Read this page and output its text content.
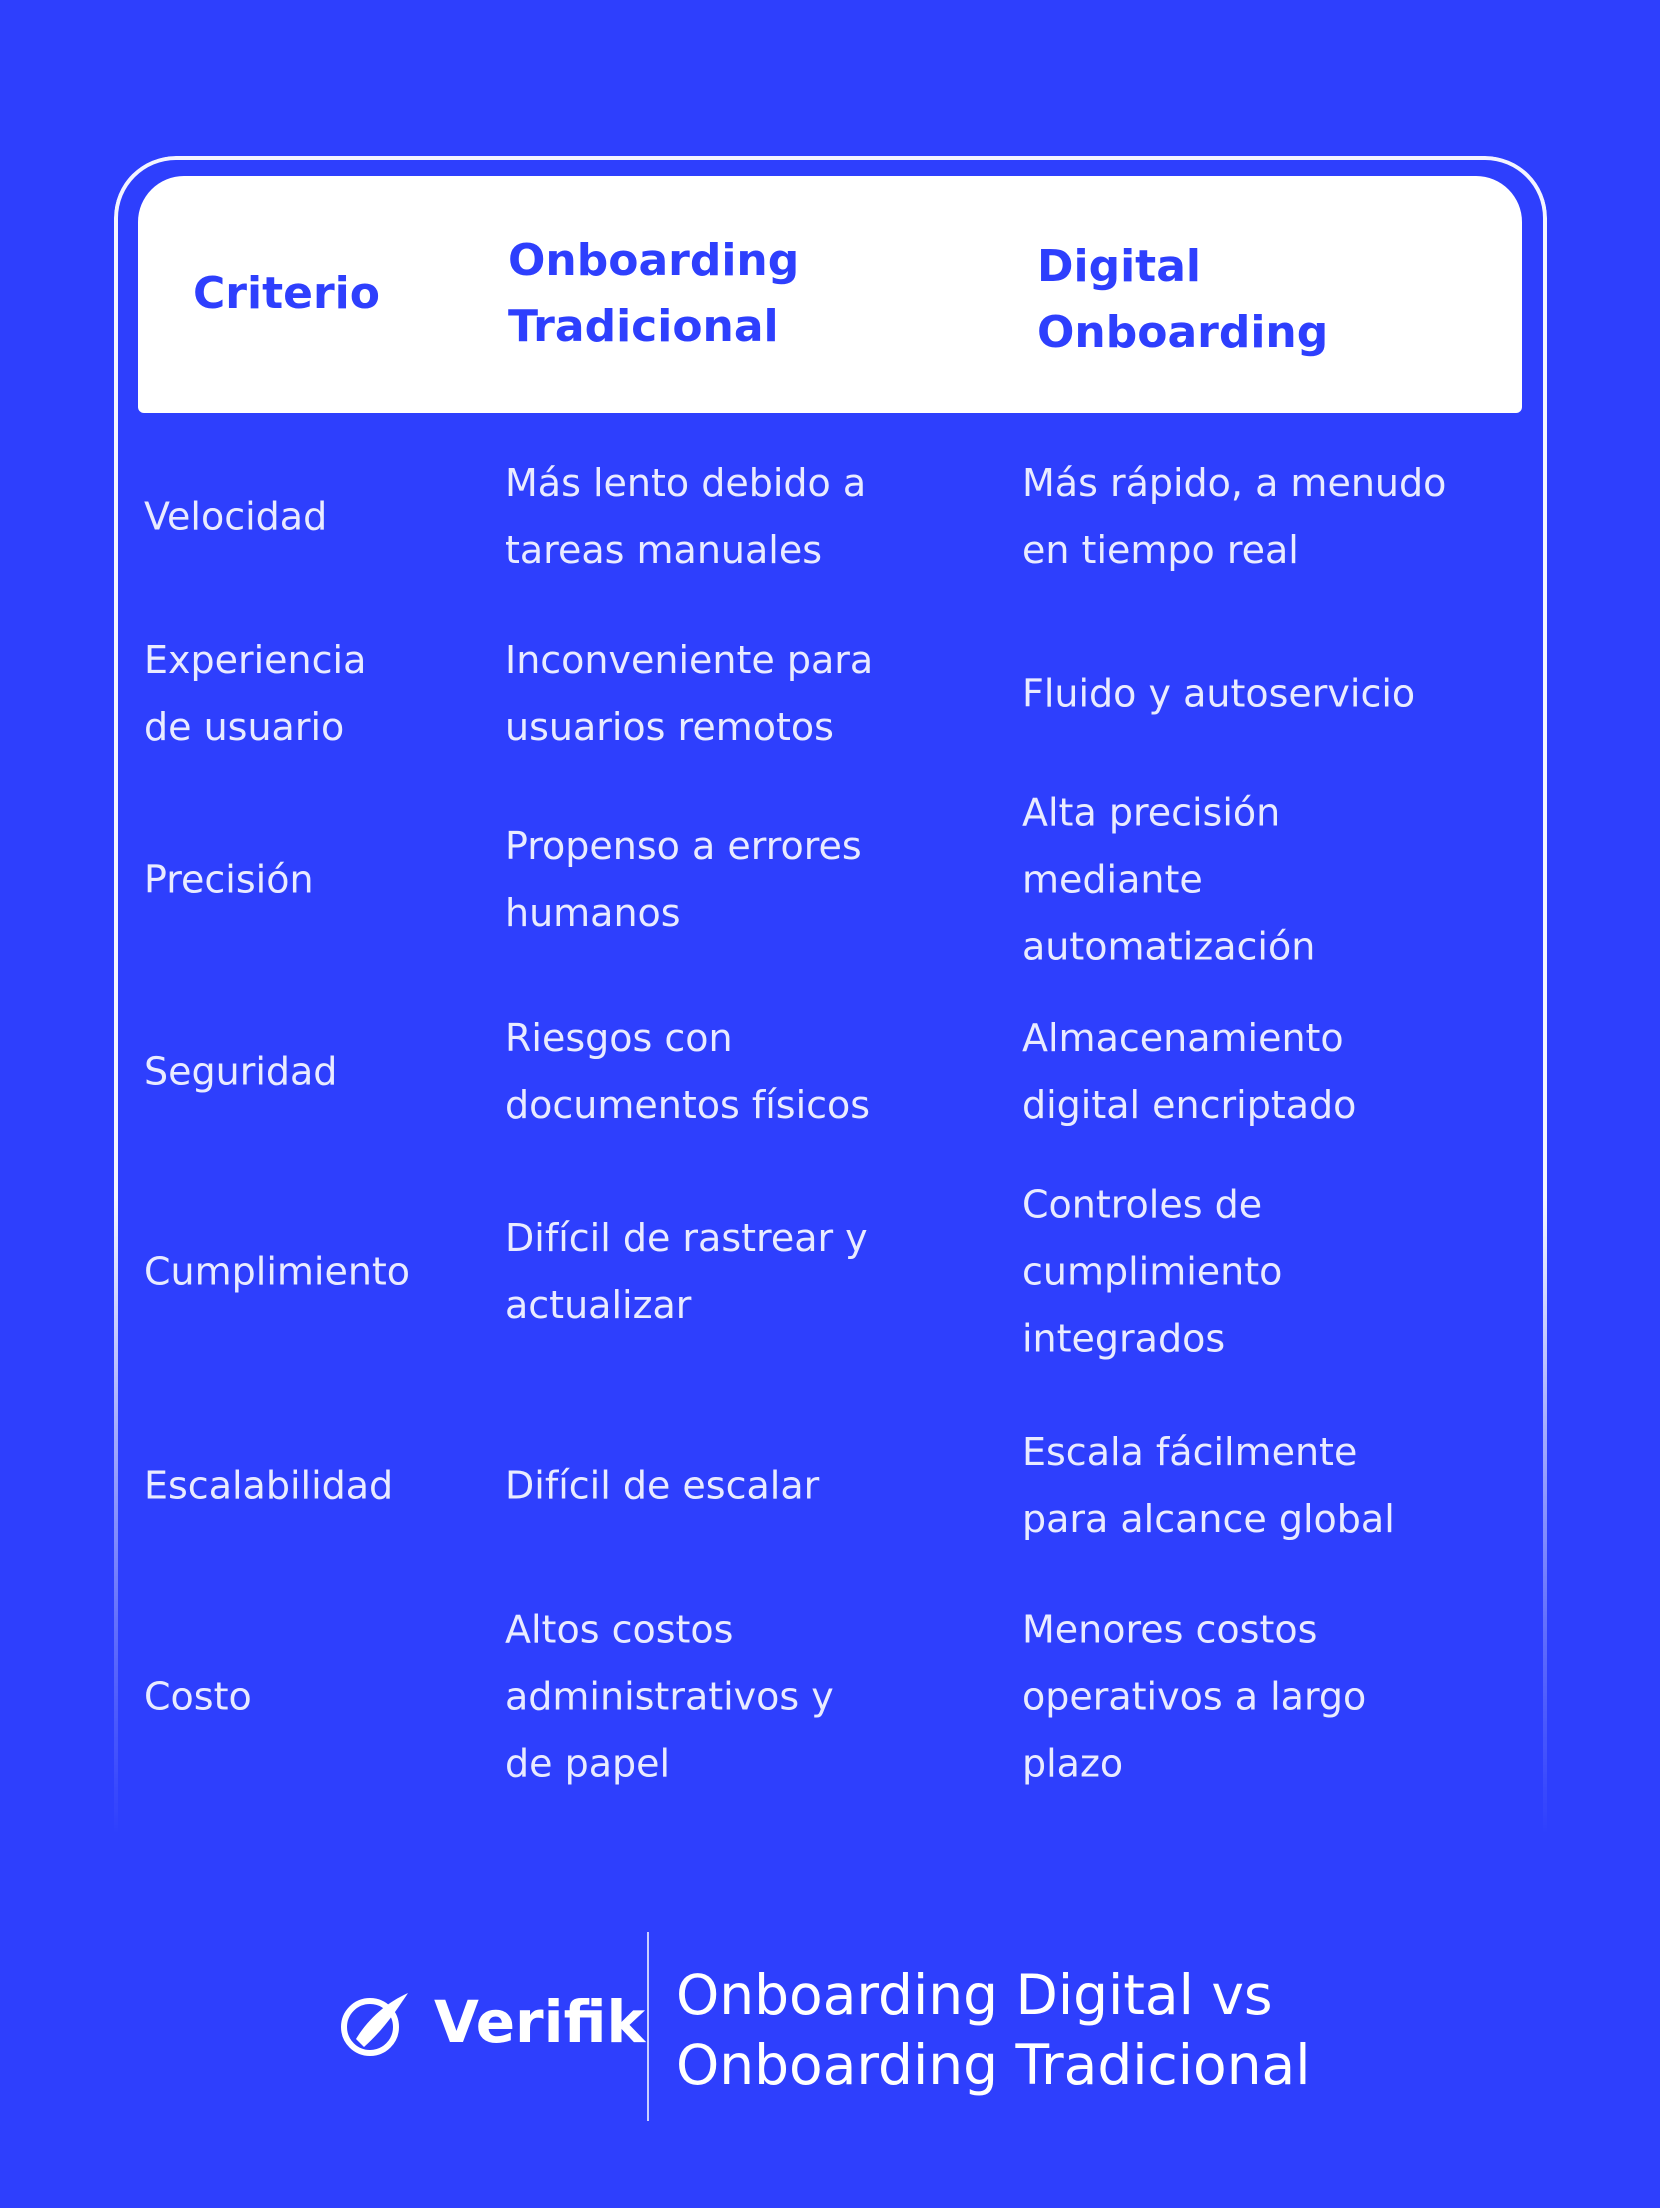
Criterio
Onboarding
Tradicional
Digital
Onboarding
Velocidad
Más lento debido a
tareas manuales
Más rápido, a menudo
en tiempo real
Experiencia
de usuario
Inconveniente para
usuarios remotos
Fluido y autoservicio
Precisión
Propenso a errores
humanos
Alta precisión
mediante
automatización
Seguridad
Riesgos con
documentos físicos
Almacenamiento
digital encriptado
Cumplimiento
Difícil de rastrear y
actualizar
Controles de
cumplimiento
integrados
Escalabilidad	Difícil de escalar
Escala fácilmente
para alcance global
Costo
Altos costos
administrativos y
de papel
Menores costos
operativos a largo
plazo
Verifik Onboarding Digital vs
Onboarding Tradicional
